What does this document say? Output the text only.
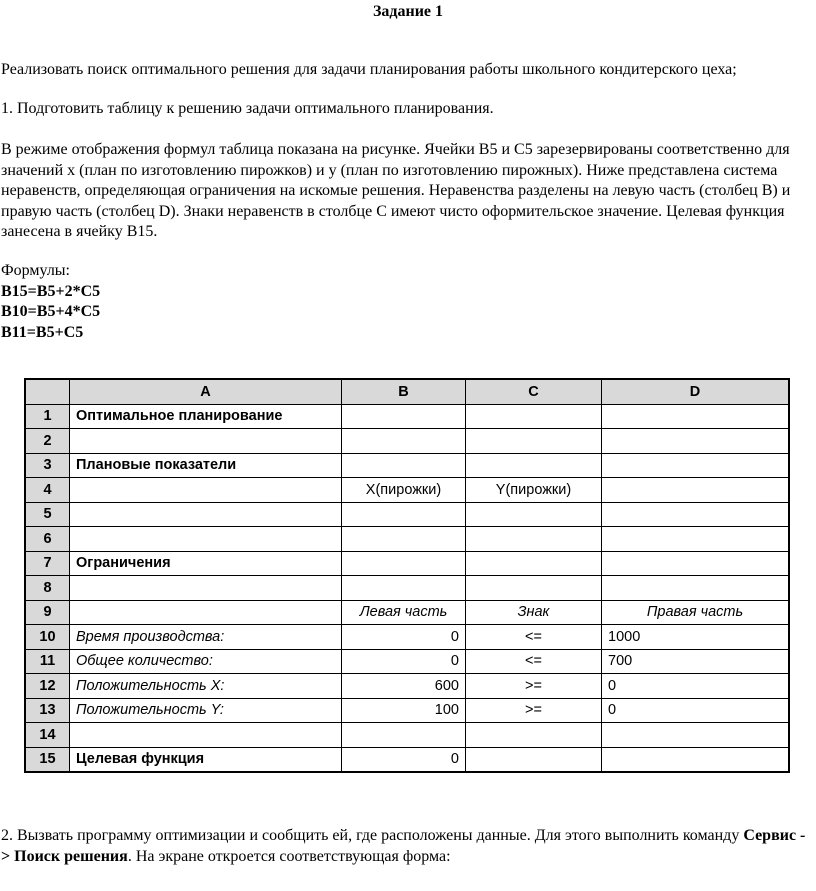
Задание 1

Реализовать поиск оптимального решения для задачи планирования работы школьного кондитерского цеха;

1. Подготовить таблицу к решению задачи оптимального планирования.

В режиме отображения формул таблица показана на рисунке. Ячейки B5 и C5 зарезервированы соответственно для значений x (план по изготовлению пирожков) и y (план по изготовлению пирожных). Ниже представлена система неравенств, определяющая ограничения на искомые решения. Неравенства разделены на левую часть (столбец B) и правую часть (столбец D). Знаки неравенств в столбце C имеют чисто оформительское значение. Целевая функция занесена в ячейку B15.

Формулы:
B15=B5+2*C5
B10=B5+4*C5
B11=B5+C5
	A	B	C	D
1	Оптимальное планирование			
2				
3	Плановые показатели			
4		X(пирожки)	Y(пирожки)	
5				
6				
7	Ограничения			
8				
9		Левая часть	Знак	Правая часть
10	Время производства:	0	<=	1000
11	Общее количество:	0	<=	700
12	Положительность X:	600	>=	0
13	Положительность Y:	100	>=	0
14				
15	Целевая функция	0		

2. Вызвать программу оптимизации и сообщить ей, где расположены данные. Для этого выполнить команду Сервис -> Поиск решения. На экране откроется соответствующая форма:
